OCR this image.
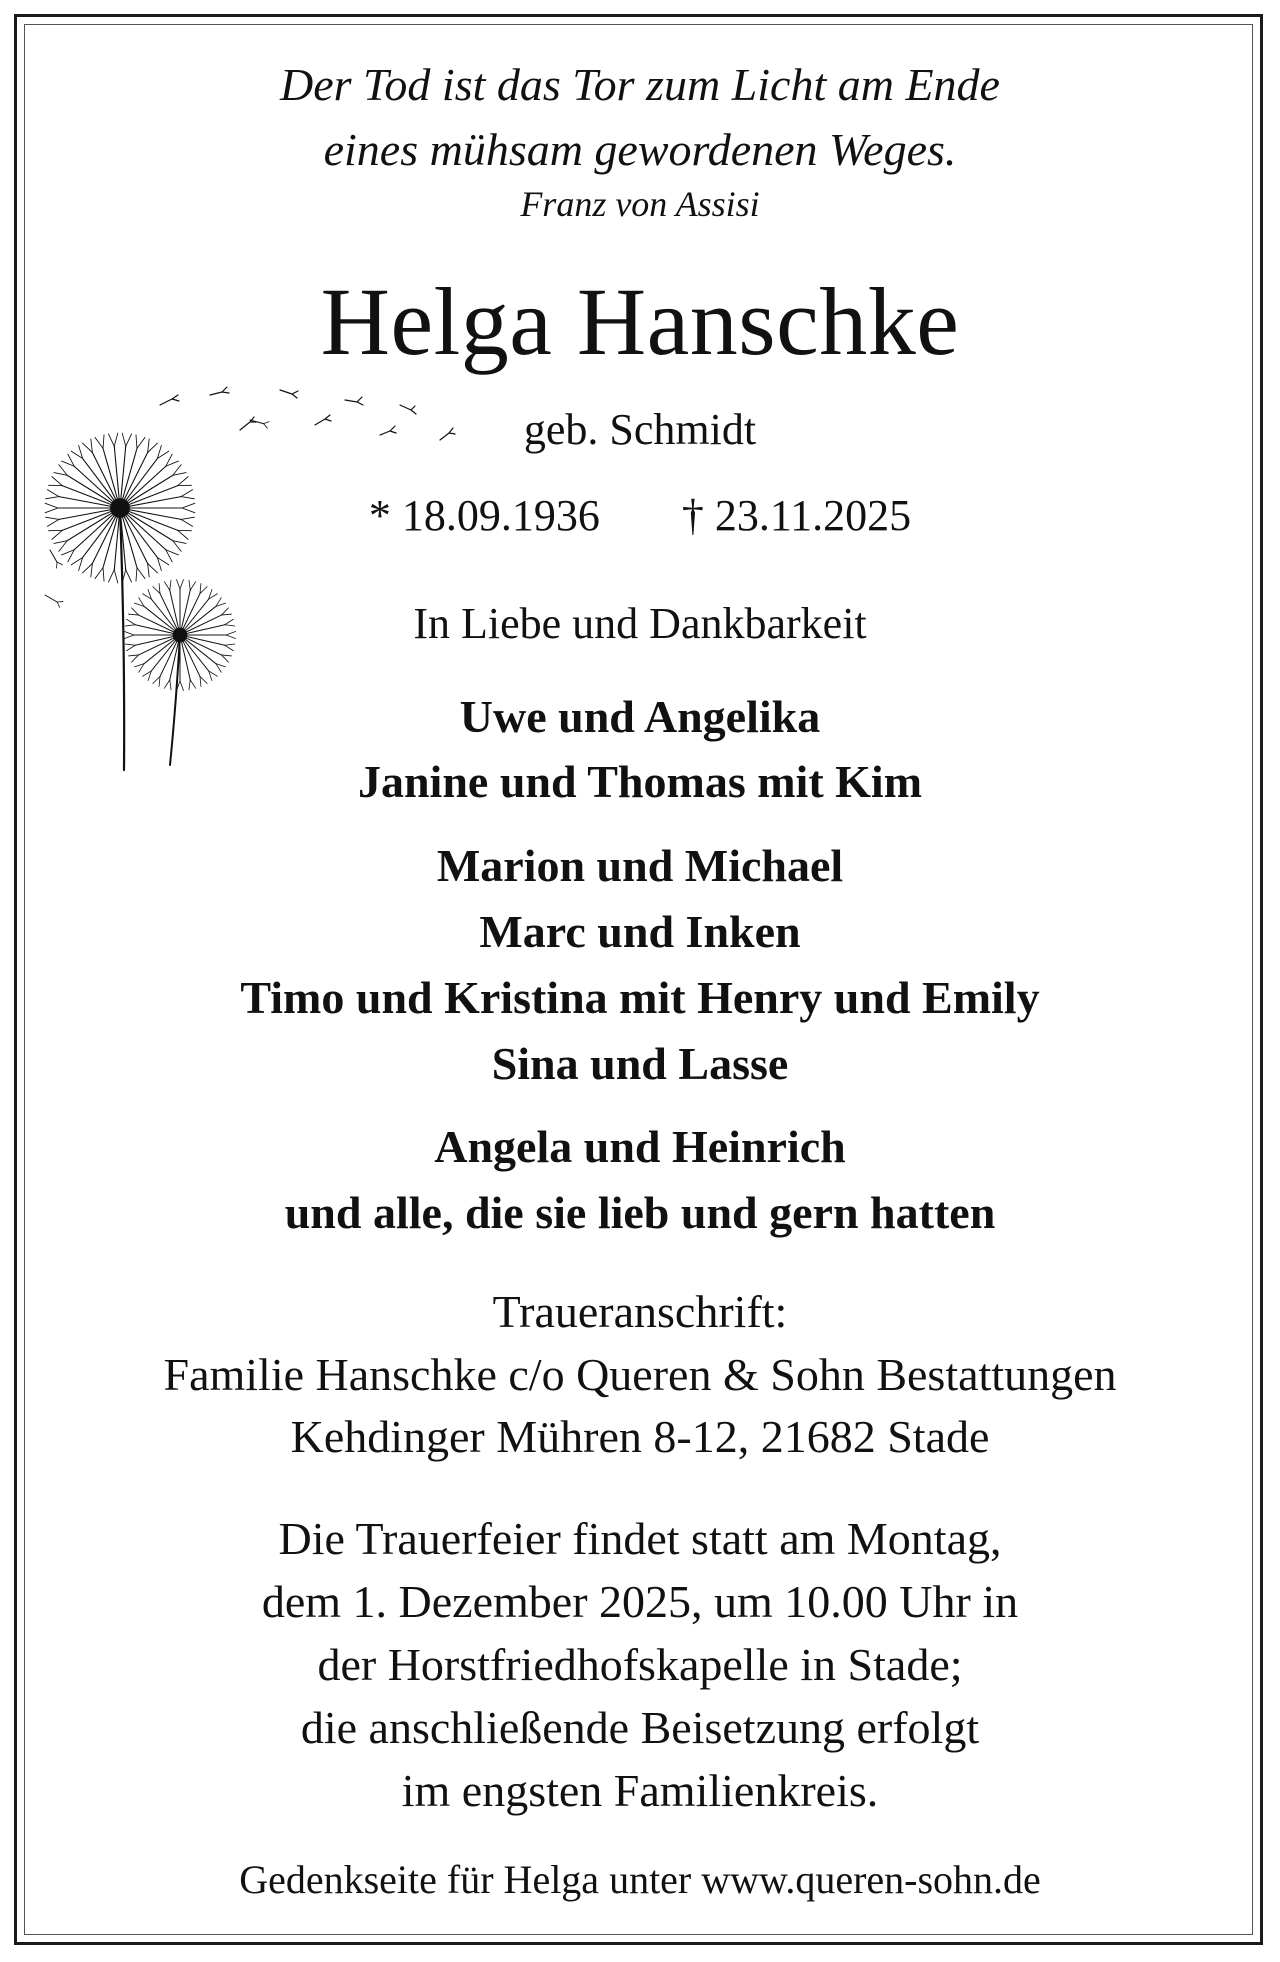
Der Tod ist das Tor zum Licht am Ende
eines mühsam gewordenen Weges.
Franz von Assisi
Helga Hanschke
geb. Schmidt
* 18.09.1936 † 23.11.2025
In Liebe und Dankbarkeit
Uwe und Angelika
Janine und Thomas mit Kim
Marion und Michael
Marc und Inken
Timo und Kristina mit Henry und Emily
Sina und Lasse
Angela und Heinrich
und alle, die sie lieb und gern hatten
Traueranschrift:
Familie Hanschke c/o Queren & Sohn Bestattungen
Kehdinger Mühren 8-12, 21682 Stade
Die Trauerfeier findet statt am Montag,
dem 1. Dezember 2025, um 10.00 Uhr in
der Horstfriedhofskapelle in Stade;
die anschließende Beisetzung erfolgt
im engsten Familienkreis.
Gedenkseite für Helga unter www.queren-sohn.de
